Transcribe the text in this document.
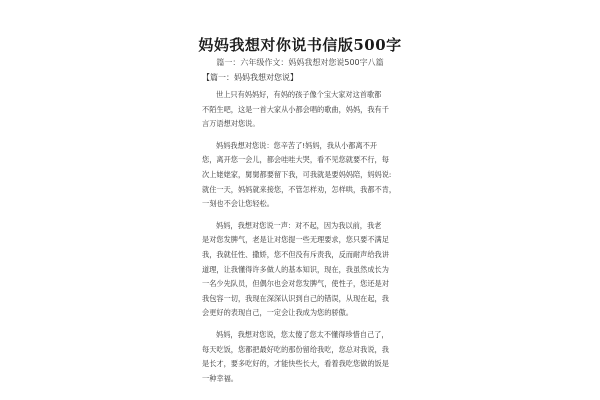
妈妈我想对你说书信版500字
篇一：六年级作文：妈妈我想对您说500字八篇
【篇一：妈妈我想对您说】

世上只有妈妈好，有妈的孩子像个宝大家对这首歌都
不陌生吧，这是一首大家从小都会唱的歌曲，妈妈，我有千
言万语想对您说。

妈妈我想对您说：您辛苦了!妈妈，我从小都离不开
您，离开您一会儿，都会哇哇大哭，看不见您就要不行，每
次上姥姥家，舅舅都要留下我，可我就是要妈妈陪，妈妈说:
就住一天，妈妈就来接您，不管怎样劝，怎样哄，我都不肯，
一刻也不会让您轻松。

妈妈，我想对您说一声：对不起，因为我以前，我老
是对您发脾气，老是让对您提一些无理要求，您只要不满足
我，我就任性、撒娇，您不但没有斥责我，反而耐声给我讲
道理，让我懂得许多做人的基本知识，现在，我虽然成长为
一名少先队员，但偶尔也会对您发脾气，使性子，您还是对
我包容一切，我现在深深认识到自己的错误，从现在起，我
会更好的表现自己，一定会让我成为您的骄傲。

妈妈，我想对您说，您太傻了您太不懂得珍惜自己了，
每天吃饭，您都把最好吃的那份留给我吃，您总对我说，我
是长才，要多吃好的，才能快些长大，看着我吃您做的饭是
一种幸福。
